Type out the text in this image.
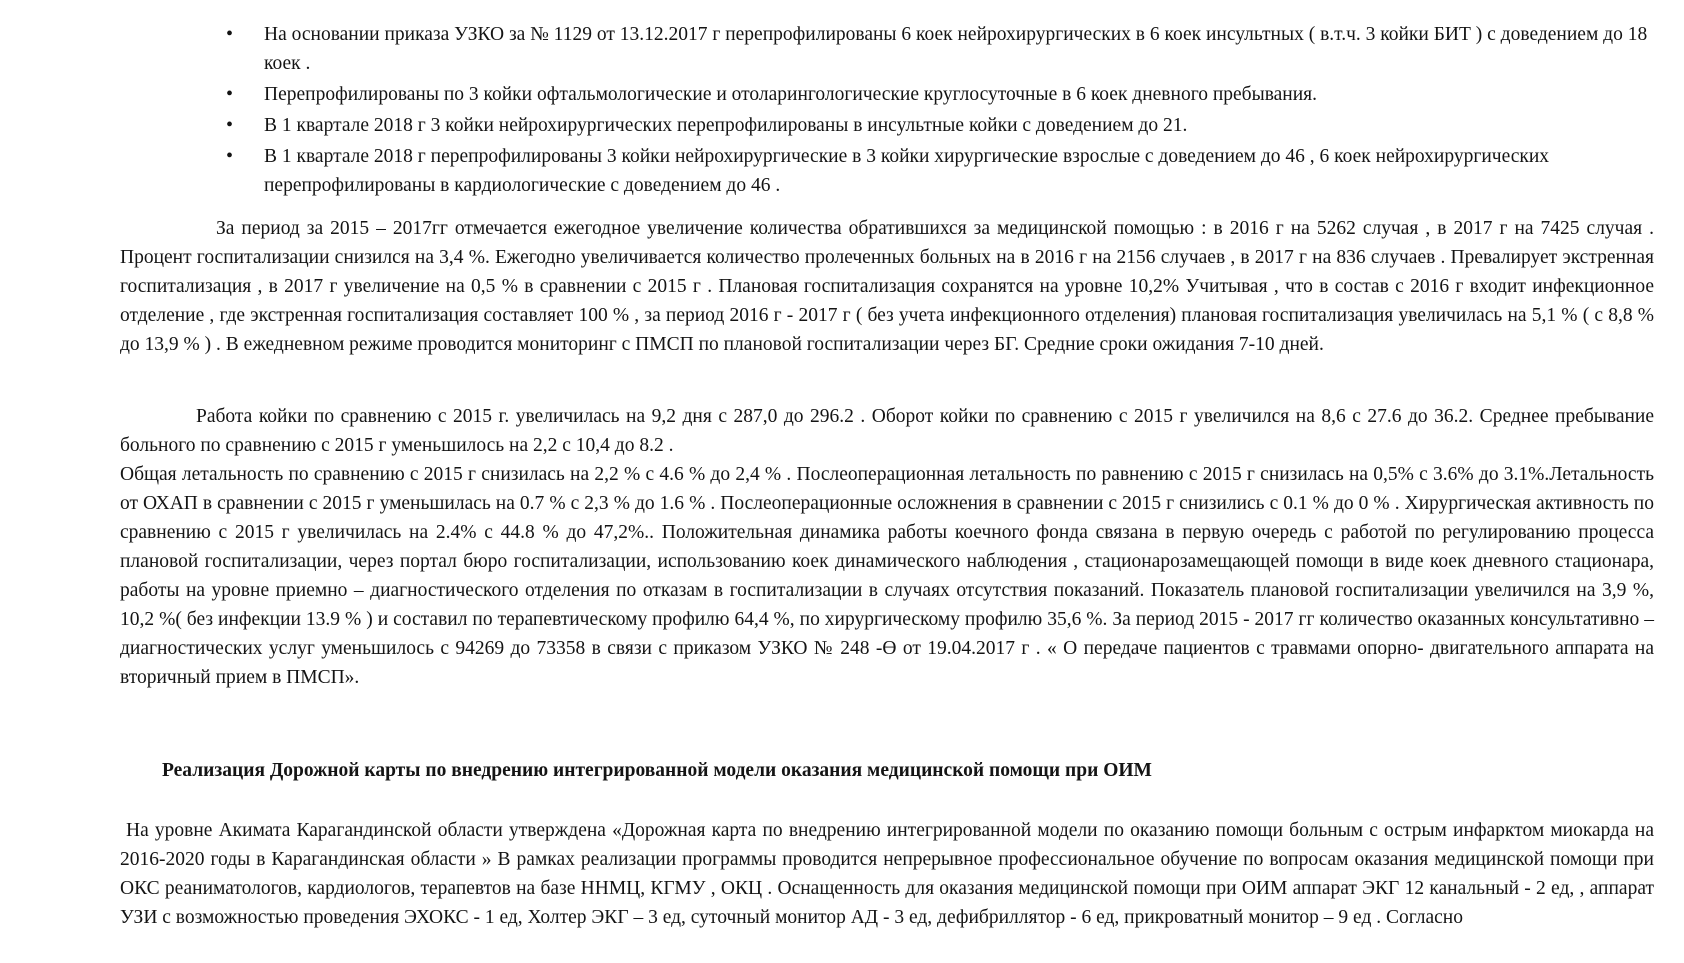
• На основании приказа УЗКО за № 1129 от 13.12.2017 г перепрофилированы 6 коек нейрохирургических в 6 коек инсультных ( в.т.ч. 3 койки БИТ ) с доведением до 18 коек .
• Перепрофилированы по 3 койки офтальмологические и отоларингологические круглосуточные в 6 коек дневного пребывания.
• В 1 квартале 2018 г 3 койки нейрохирургических перепрофилированы в инсультные койки с доведением до 21.
• В 1 квартале 2018 г перепрофилированы 3 койки нейрохирургические в 3 койки хирургические взрослые с доведением до 46 , 6 коек нейрохирургических перепрофилированы в кардиологические с доведением до 46 .

За период за 2015 – 2017гг отмечается ежегодное увеличение количества обратившихся за медицинской помощью : в 2016 г на 5262 случая , в 2017 г на 7425 случая . Процент госпитализации снизился на 3,4 %. Ежегодно увеличивается количество пролеченных больных на в 2016 г на 2156 случаев , в 2017 г на 836 случаев . Превалирует экстренная госпитализация , в 2017 г увеличение на 0,5 % в сравнении с 2015 г . Плановая госпитализация сохранятся на уровне 10,2% Учитывая , что в состав с 2016 г входит инфекционное отделение , где экстренная госпитализация составляет 100 % , за период 2016 г - 2017 г ( без учета инфекционного отделения) плановая госпитализация увеличилась на 5,1 % ( с 8,8 % до 13,9 % ) . В ежедневном режиме проводится мониторинг с ПМСП по плановой госпитализации через БГ. Средние сроки ожидания 7-10 дней.

Работа койки по сравнению с 2015 г. увеличилась на 9,2 дня с 287,0 до 296.2 . Оборот койки по сравнению с 2015 г увеличился на 8,6 с 27.6 до 36.2. Среднее пребывание больного по сравнению с 2015 г уменьшилось на 2,2 с 10,4 до 8.2 .

Общая летальность по сравнению с 2015 г снизилась на 2,2 % с 4.6 % до 2,4 % . Послеоперационная летальность по равнению с 2015 г снизилась на 0,5% с 3.6% до 3.1%.Летальность от ОХАП в сравнении с 2015 г уменьшилась на 0.7 % с 2,3 % до 1.6 % . Послеоперационные осложнения в сравнении с 2015 г снизились с 0.1 % до 0 % . Хирургическая активность по сравнению с 2015 г увеличилась на 2.4% с 44.8 % до 47,2%.. Положительная динамика работы коечного фонда связана в первую очередь с работой по регулированию процесса плановой госпитализации, через портал бюро госпитализации, использованию коек динамического наблюдения , стационарозамещающей помощи в виде коек дневного стационара, работы на уровне приемно – диагностического отделения по отказам в госпитализации в случаях отсутствия показаний. Показатель плановой госпитализации увеличился на 3,9 %, 10,2 %( без инфекции 13.9 % ) и составил по терапевтическому профилю 64,4 %, по хирургическому профилю 35,6 %. За период 2015 - 2017 гг количество оказанных консультативно – диагностических услуг уменьшилось с 94269 до 73358 в связи с приказом УЗКО № 248 -Ө от 19.04.2017 г . « О передаче пациентов с травмами опорно- двигательного аппарата на вторичный прием в ПМСП».

Реализация Дорожной карты по внедрению интегрированной модели оказания медицинской помощи при ОИМ

На уровне Акимата Карагандинской области утверждена «Дорожная карта по внедрению интегрированной модели по оказанию помощи больным с острым инфарктом миокарда на 2016-2020 годы в Карагандинская области » В рамках реализации программы проводится непрерывное профессиональное обучение по вопросам оказания медицинской помощи при ОКС реаниматологов, кардиологов, терапевтов на базе ННМЦ, КГМУ , ОКЦ . Оснащенность для оказания медицинской помощи при ОИМ аппарат ЭКГ 12 канальный - 2 ед, , аппарат УЗИ с возможностью проведения ЭХОКС - 1 ед, Холтер ЭКГ – 3 ед, суточный монитор АД - 3 ед, дефибриллятор - 6 ед, прикроватный монитор – 9 ед . Согласно
